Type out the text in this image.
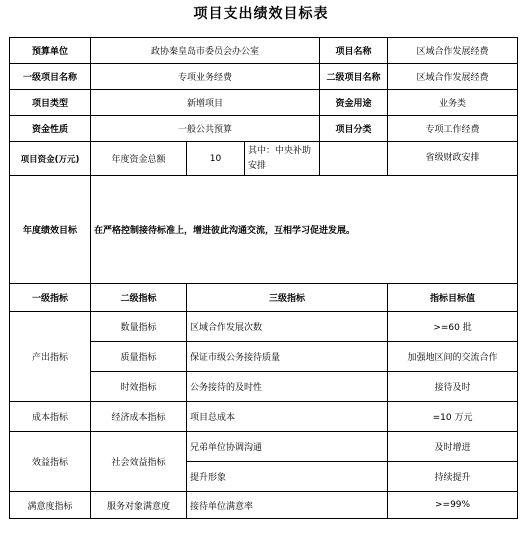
项目支出绩效目标表
预算单位	政协秦皇岛市委员会办公室			项目名称	区域合作发展经费
一级项目名称	专项业务经费			二级项目名称	区域合作发展经费
项目类型	新增项目			资金用途	业务类
资金性质	一般公共预算			项目分类	专项工作经费
项目资金(万元)	年度资金总额	10	其中：中央补助安排		省级财政安排
年度绩效目标	在严格控制接待标准上，增进彼此沟通交流，互相学习促进发展。				
一级指标	二级指标	三级指标			指标目标值
产出指标	数量指标	区域合作发展次数			>=60 批
	质量指标	保证市级公务接待质量			加强地区间的交流合作
	时效指标	公务接待的及时性			接待及时
成本指标	经济成本指标	项目总成本			=10 万元
效益指标	社会效益指标	兄弟单位协调沟通			及时增进
		提升形象			持续提升
满意度指标	服务对象满意度	接待单位满意率			>=99%
